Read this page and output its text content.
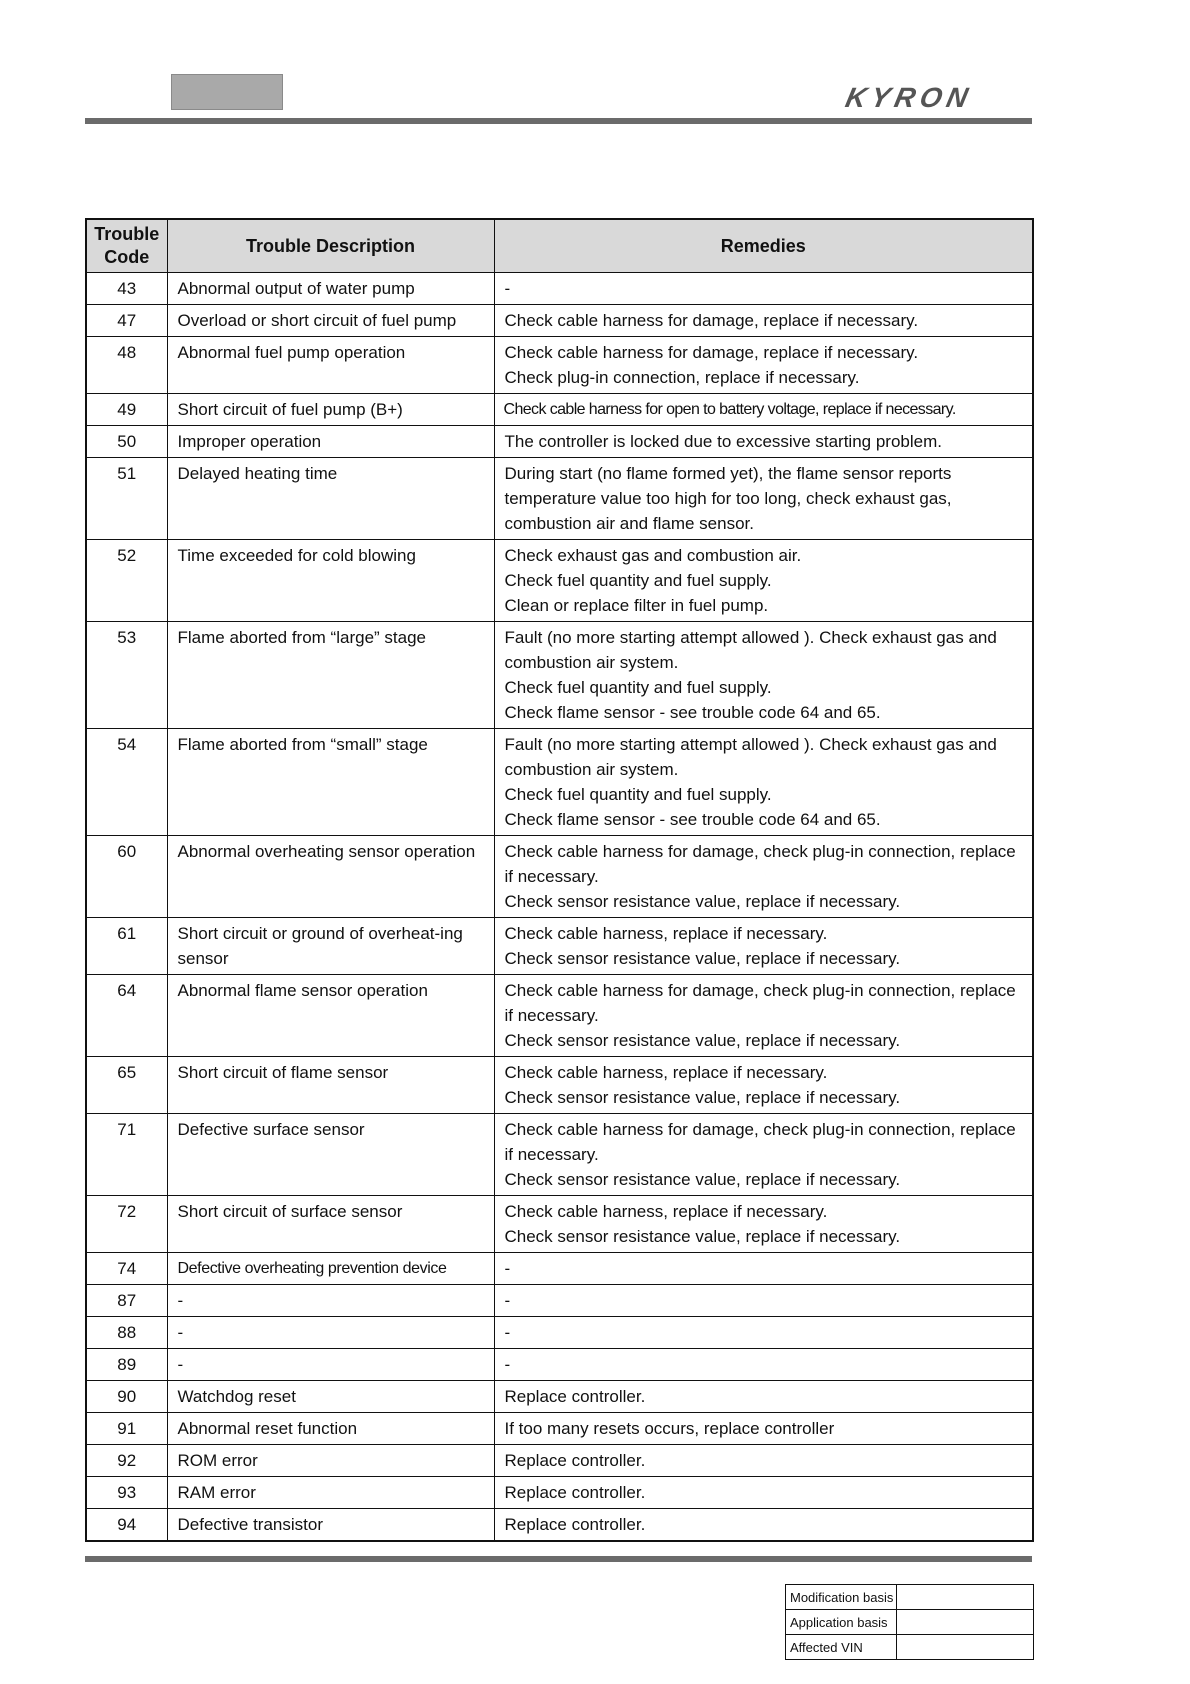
KYRON
Trouble
Code	Trouble Description	Remedies
43	Abnormal output of water pump	-

47	Overload or short circuit of fuel pump	Check cable harness for damage, replace if necessary.

48	Abnormal fuel pump operation	Check cable harness for damage, replace if necessary.
Check plug-in connection, replace if necessary.

49	Short circuit of fuel pump (B+)	Check cable harness for open to battery voltage, replace if necessary.

50	Improper operation	The controller is locked due to excessive starting problem.

51	Delayed heating time	During start (no flame formed yet), the flame sensor reports temperature value too high for too long, check exhaust gas, combustion air and flame sensor.

52	Time exceeded for cold blowing	Check exhaust gas and combustion air.
Check fuel quantity and fuel supply.
Clean or replace filter in fuel pump.

53	Flame aborted from “large” stage	Fault (no more starting attempt allowed ). Check exhaust gas and combustion air system.
Check fuel quantity and fuel supply.
Check flame sensor - see trouble code 64 and 65.

54	Flame aborted from “small” stage	Fault (no more starting attempt allowed ). Check exhaust gas and combustion air system.
Check fuel quantity and fuel supply.
Check flame sensor - see trouble code 64 and 65.

60	Abnormal overheating sensor operation	Check cable harness for damage, check plug-in connection, replace if necessary.
Check sensor resistance value, replace if necessary.

61	Short circuit or ground of overheat-ing sensor	Check cable harness, replace if necessary.
Check sensor resistance value, replace if necessary.

64	Abnormal flame sensor operation	Check cable harness for damage, check plug-in connection, replace if necessary.
Check sensor resistance value, replace if necessary.

65	Short circuit of flame sensor	Check cable harness, replace if necessary.
Check sensor resistance value, replace if necessary.

71	Defective surface sensor	Check cable harness for damage, check plug-in connection, replace if necessary.
Check sensor resistance value, replace if necessary.

72	Short circuit of surface sensor	Check cable harness, replace if necessary.
Check sensor resistance value, replace if necessary.

74	Defective overheating prevention device	-

87	-	-

88	-	-

89	-	-

90	Watchdog reset	Replace controller.

91	Abnormal reset function	If too many resets occurs, replace controller

92	ROM error	Replace controller.

93	RAM error	Replace controller.

94	Defective transistor	Replace controller.
Modification basis	
Application basis	
Affected VIN	
